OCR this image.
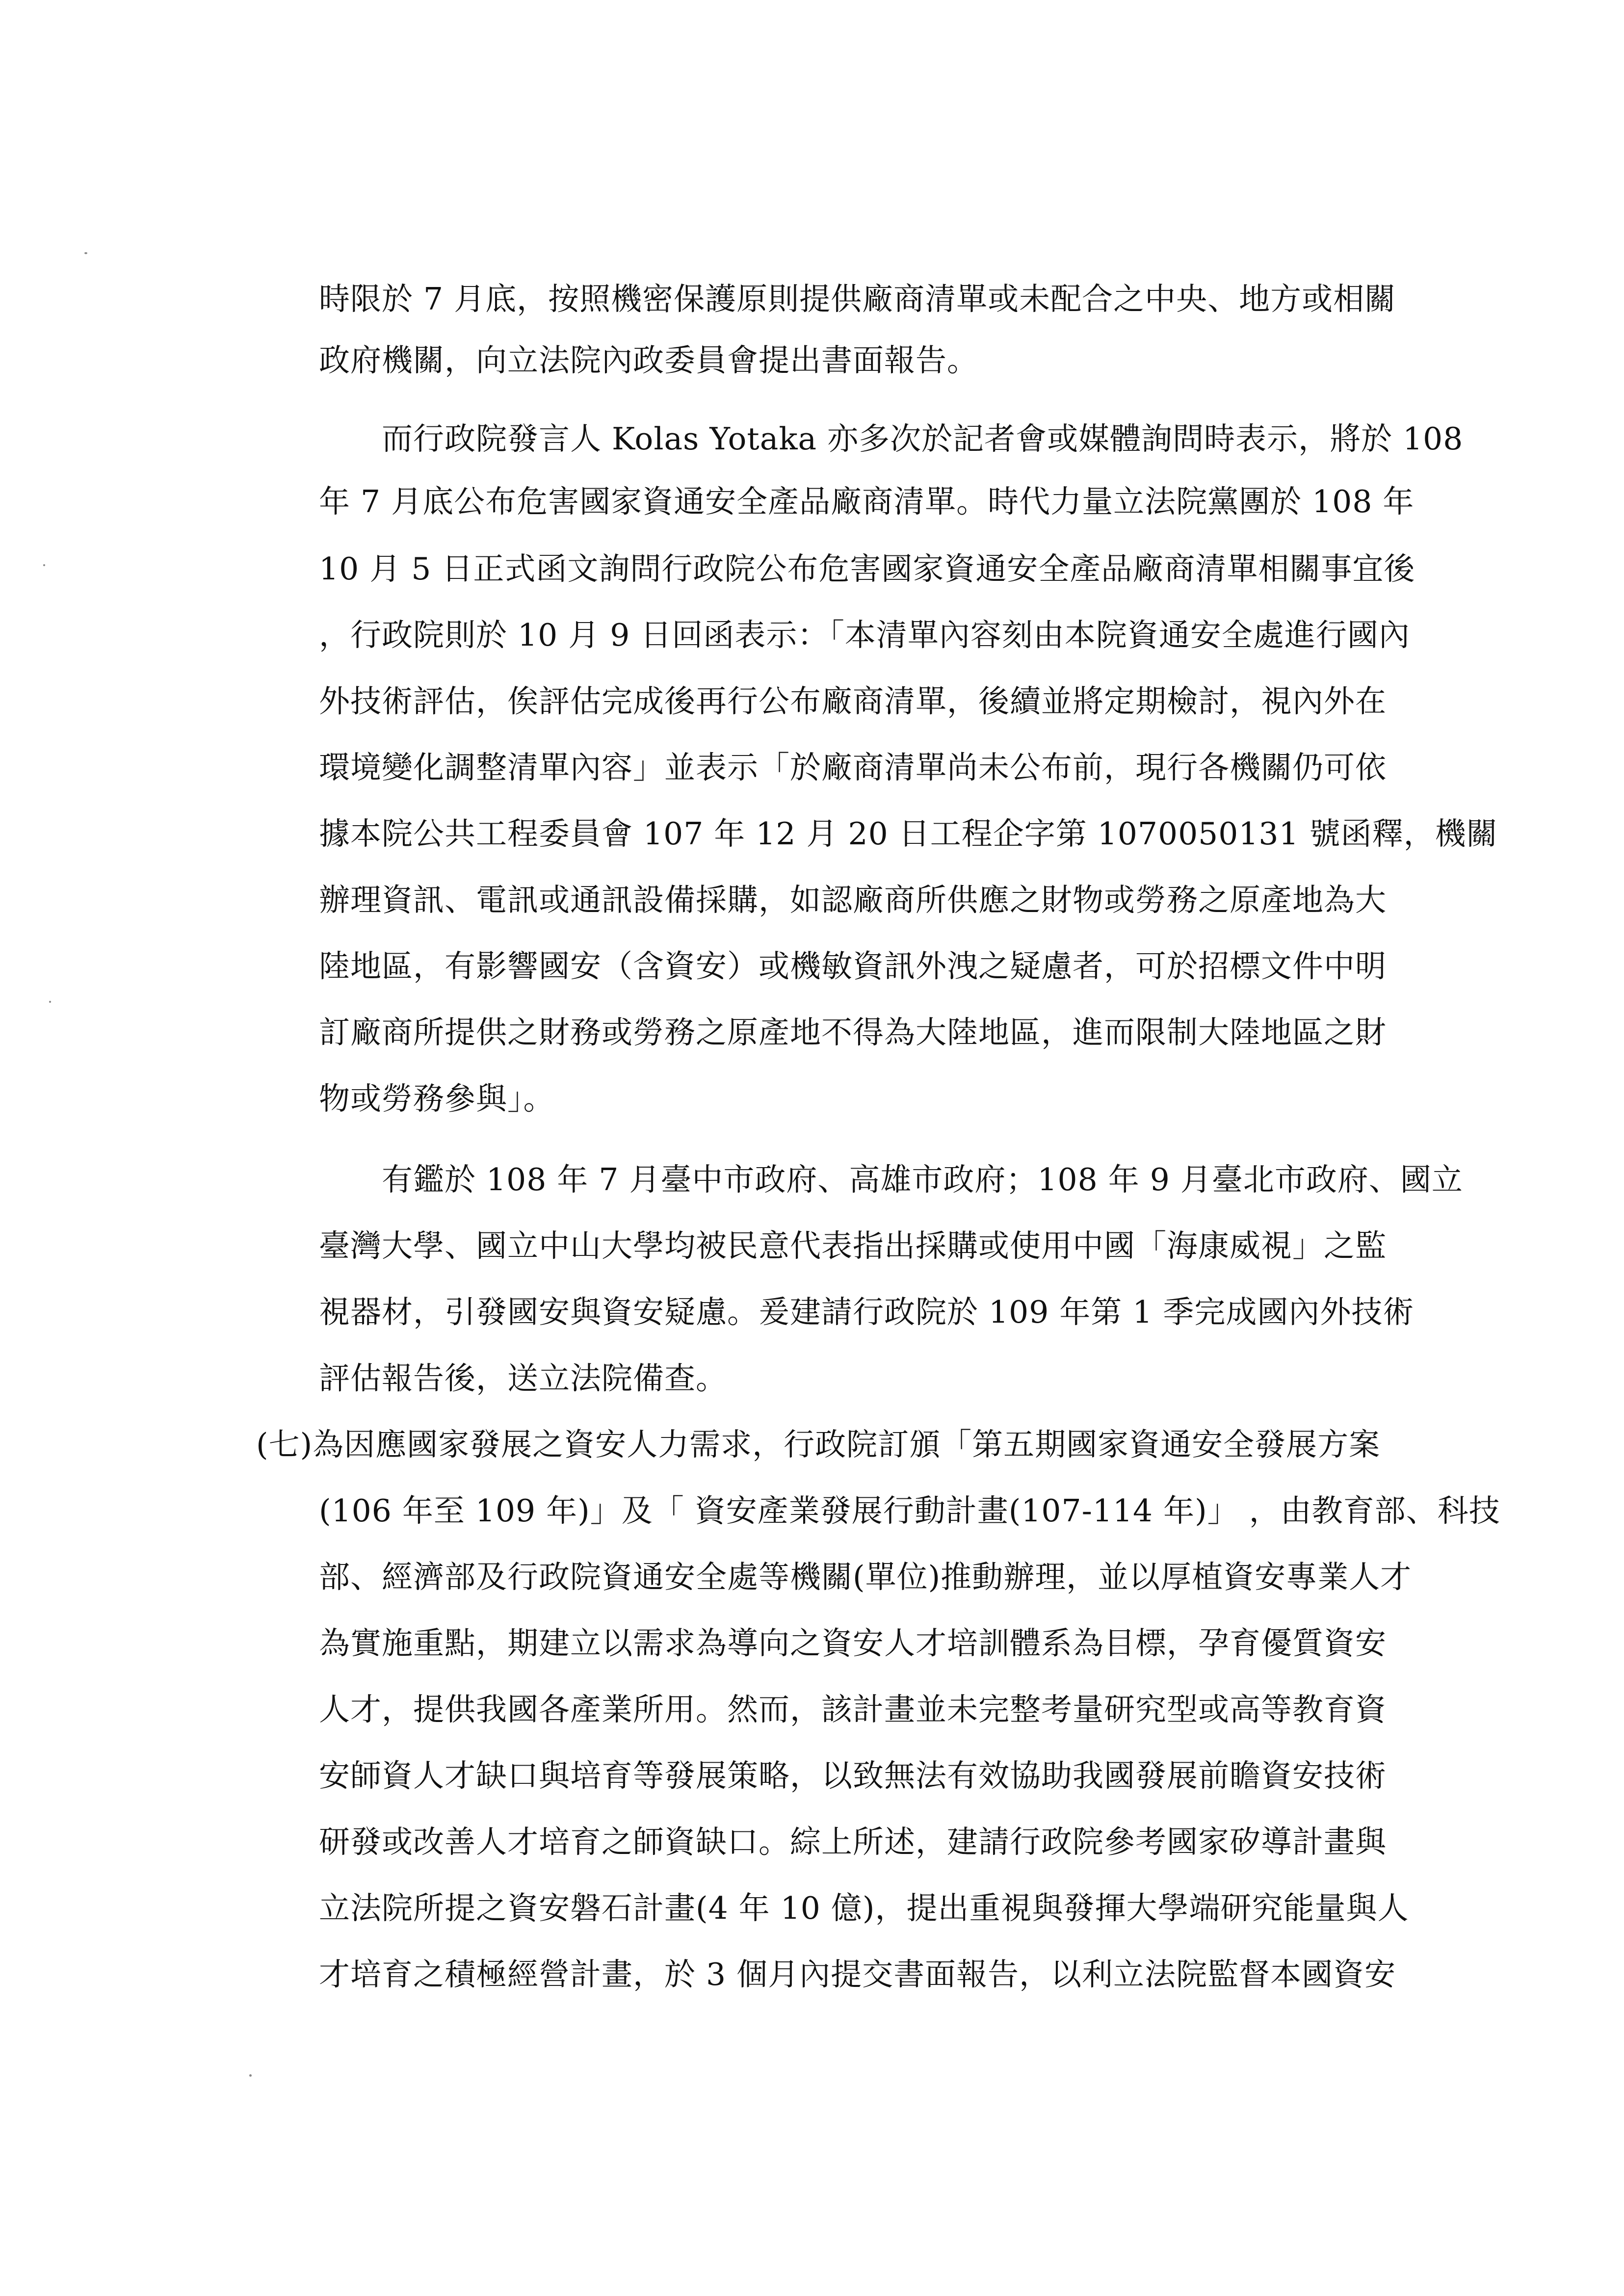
時限於 7 月底，按照機密保護原則提供廠商清單或未配合之中央、地方或相關
政府機關，向立法院內政委員會提出書面報告。
而行政院發言人 Kolas Yotaka 亦多次於記者會或媒體詢問時表示，將於 108
年 7 月底公布危害國家資通安全產品廠商清單。時代力量立法院黨團於 108 年
10 月 5 日正式函文詢問行政院公布危害國家資通安全產品廠商清單相關事宜後
，行政院則於 10 月 9 日回函表示：「本清單內容刻由本院資通安全處進行國內
外技術評估，俟評估完成後再行公布廠商清單，後續並將定期檢討，視內外在
環境變化調整清單內容」並表示「於廠商清單尚未公布前，現行各機關仍可依
據本院公共工程委員會 107 年 12 月 20 日工程企字第 1070050131 號函釋，機關
辦理資訊、電訊或通訊設備採購，如認廠商所供應之財物或勞務之原產地為大
陸地區，有影響國安（含資安）或機敏資訊外洩之疑慮者，可於招標文件中明
訂廠商所提供之財務或勞務之原產地不得為大陸地區，進而限制大陸地區之財
物或勞務參與」。
有鑑於 108 年 7 月臺中市政府、高雄市政府；108 年 9 月臺北市政府、國立
臺灣大學、國立中山大學均被民意代表指出採購或使用中國「海康威視」之監
視器材，引發國安與資安疑慮。爰建請行政院於 109 年第 1 季完成國內外技術
評估報告後，送立法院備查。
(七)為因應國家發展之資安人力需求，行政院訂頒「第五期國家資通安全發展方案
(106 年至 109 年)」及「 資安產業發展行動計畫(107-114 年)」 ，由教育部、科技
部、經濟部及行政院資通安全處等機關(單位)推動辦理，並以厚植資安專業人才
為實施重點，期建立以需求為導向之資安人才培訓體系為目標，孕育優質資安
人才，提供我國各產業所用。然而，該計畫並未完整考量研究型或高等教育資
安師資人才缺口與培育等發展策略，以致無法有效協助我國發展前瞻資安技術
研發或改善人才培育之師資缺口。綜上所述，建請行政院參考國家矽導計畫與
立法院所提之資安磐石計畫(4 年 10 億)，提出重視與發揮大學端研究能量與人
才培育之積極經營計畫，於 3 個月內提交書面報告，以利立法院監督本國資安
